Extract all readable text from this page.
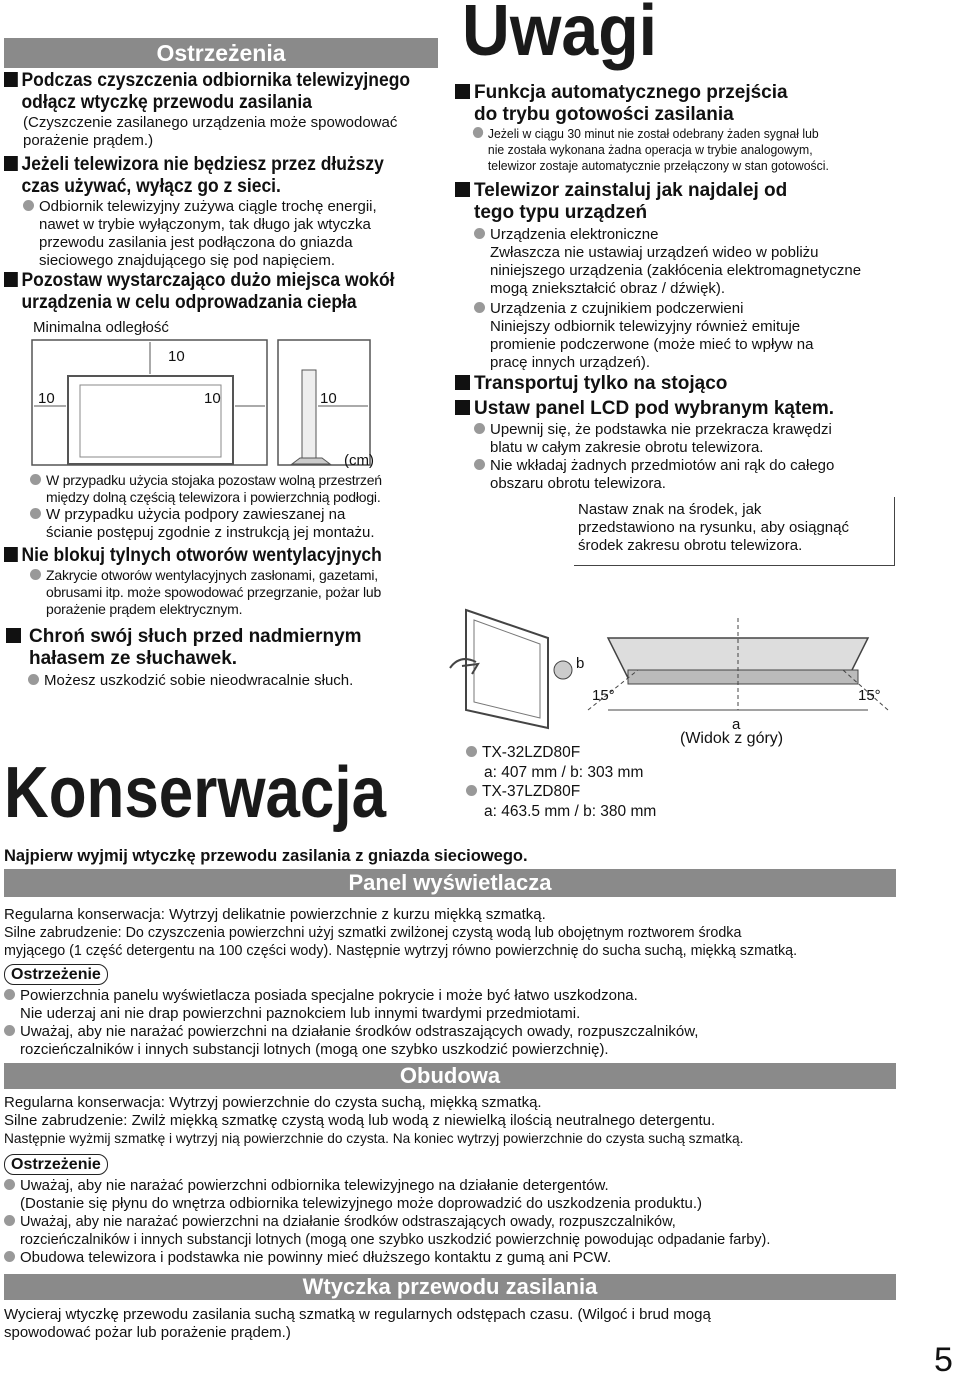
Ostrzeżenia
Podczas czyszczenia odbiornika telewizyjnego
odłącz wtyczkę przewodu zasilania
(Czyszczenie zasilanego urządzenia może spowodować
porażenie prądem.)
Jeżeli telewizora nie będziesz przez dłuższy
czas używać, wyłącz go z sieci.
Odbiornik telewizyjny zużywa ciągle trochę energii,
nawet w trybie wyłączonym, tak długo jak wtyczka
przewodu zasilania jest podłączona do gniazda
sieciowego znajdującego się pod napięciem.
Pozostaw wystarczająco dużo miejsca wokół
urządzenia w celu odprowadzania ciepła
Minimalna odległość
10
10	10	10
(cm)
W przypadku użycia stojaka pozostaw wolną przestrzeń
między dolną częścią telewizora i powierzchnią podłogi.
W przypadku użycia podpory zawieszanej na
ścianie postępuj zgodnie z instrukcją jej montażu.
Nie blokuj tylnych otworów wentylacyjnych
Zakrycie otworów wentylacyjnych zasłonami, gazetami,
obrusami itp. może spowodować przegrzanie, pożar lub
porażenie prądem elektrycznym.
Chroń swój słuch przed nadmiernym
hałasem ze słuchawek.
Możesz uszkodzić sobie nieodwracalnie słuch.
Uwagi
Funkcja automatycznego przejścia
do trybu gotowości zasilania
Jeżeli w ciągu 30 minut nie został odebrany żaden sygnał lub
nie została wykonana żadna operacja w trybie analogowym,
telewizor zostaje automatycznie przełączony w stan gotowości.
Telewizor zainstaluj jak najdalej od
tego typu urządzeń
Urządzenia elektroniczne
Zwłaszcza nie ustawiaj urządzeń wideo w pobliżu
niniejszego urządzenia (zakłócenia elektromagnetyczne
mogą zniekształcić obraz / dźwięk).
Urządzenia z czujnikiem podczerwieni
Niniejszy odbiornik telewizyjny również emituje
promienie podczerwone (może mieć to wpływ na
pracę innych urządzeń).
Transportuj tylko na stojąco
Ustaw panel LCD pod wybranym kątem.
Upewnij się, że podstawka nie przekracza krawędzi
blatu w całym zakresie obrotu telewizora.
Nie wkładaj żadnych przedmiotów ani rąk do całego
obszaru obrotu telewizora.
Nastaw znak na środek, jak
przedstawiono na rysunku, aby osiągnąć
środek zakresu obrotu telewizora.
b
15°	15°
a
(Widok z góry)
TX-32LZD80F
a: 407 mm / b: 303 mm
TX-37LZD80F
a: 463.5 mm / b: 380 mm
Konserwacja
Najpierw wyjmij wtyczkę przewodu zasilania z gniazda sieciowego.
Panel wyświetlacza
Regularna konserwacja: Wytrzyj delikatnie powierzchnie z kurzu miękką szmatką.
Silne zabrudzenie: Do czyszczenia powierzchni użyj szmatki zwilżonej czystą wodą lub obojętnym roztworem środka
myjącego (1 część detergentu na 100 części wody). Następnie wytrzyj równo powierzchnię do sucha suchą, miękką szmatką.
Ostrzeżenie
Powierzchnia panelu wyświetlacza posiada specjalne pokrycie i może być łatwo uszkodzona.
Nie uderzaj ani nie drap powierzchni paznokciem lub innymi twardymi przedmiotami.
Uważaj, aby nie narażać powierzchni na działanie środków odstraszających owady, rozpuszczalników,
rozcieńczalników i innych substancji lotnych (mogą one szybko uszkodzić powierzchnię).
Obudowa
Regularna konserwacja: Wytrzyj powierzchnie do czysta suchą, miękką szmatką.
Silne zabrudzenie: Zwilż miękką szmatkę czystą wodą lub wodą z niewielką ilością neutralnego detergentu.
Następnie wyżmij szmatkę i wytrzyj nią powierzchnie do czysta. Na koniec wytrzyj powierzchnie do czysta suchą szmatką.
Ostrzeżenie
Uważaj, aby nie narażać powierzchni odbiornika telewizyjnego na działanie detergentów.
(Dostanie się płynu do wnętrza odbiornika telewizyjnego może doprowadzić do uszkodzenia produktu.)
Uważaj, aby nie narażać powierzchni na działanie środków odstraszających owady, rozpuszczalników,
rozcieńczalników i innych substancji lotnych (mogą one szybko uszkodzić powierzchnię powodując odpadanie farby).
Obudowa telewizora i podstawka nie powinny mieć dłuższego kontaktu z gumą ani PCW.
Wtyczka przewodu zasilania
Wycieraj wtyczkę przewodu zasilania suchą szmatką w regularnych odstępach czasu. (Wilgoć i brud mogą
spowodować pożar lub porażenie prądem.)
5
